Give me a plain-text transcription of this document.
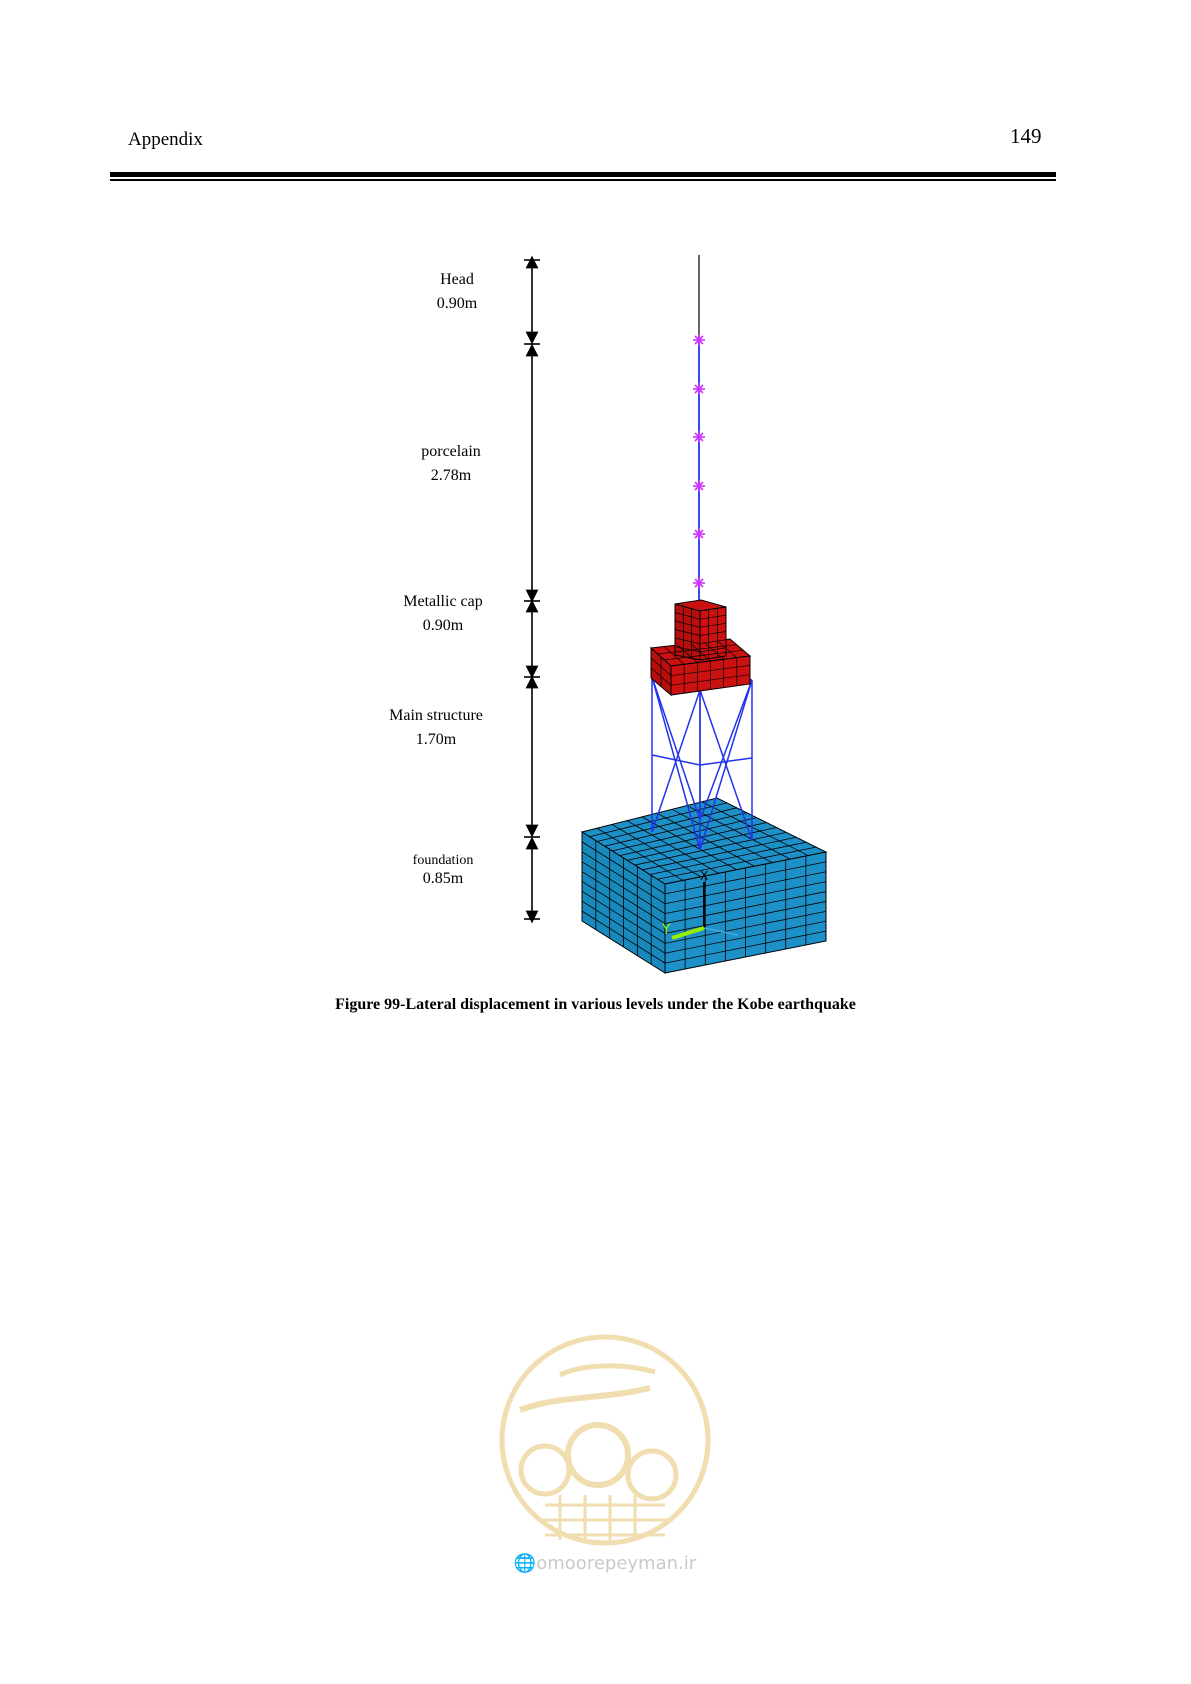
Appendix	149
Y
X
Head
0.90m
porcelain
2.78m
Metallic cap
0.90m
Main structure
1.70m
foundation
0.85m
Figure 99-Lateral displacement in various levels under the Kobe earthquake
🌐omoorepeyman.ir
